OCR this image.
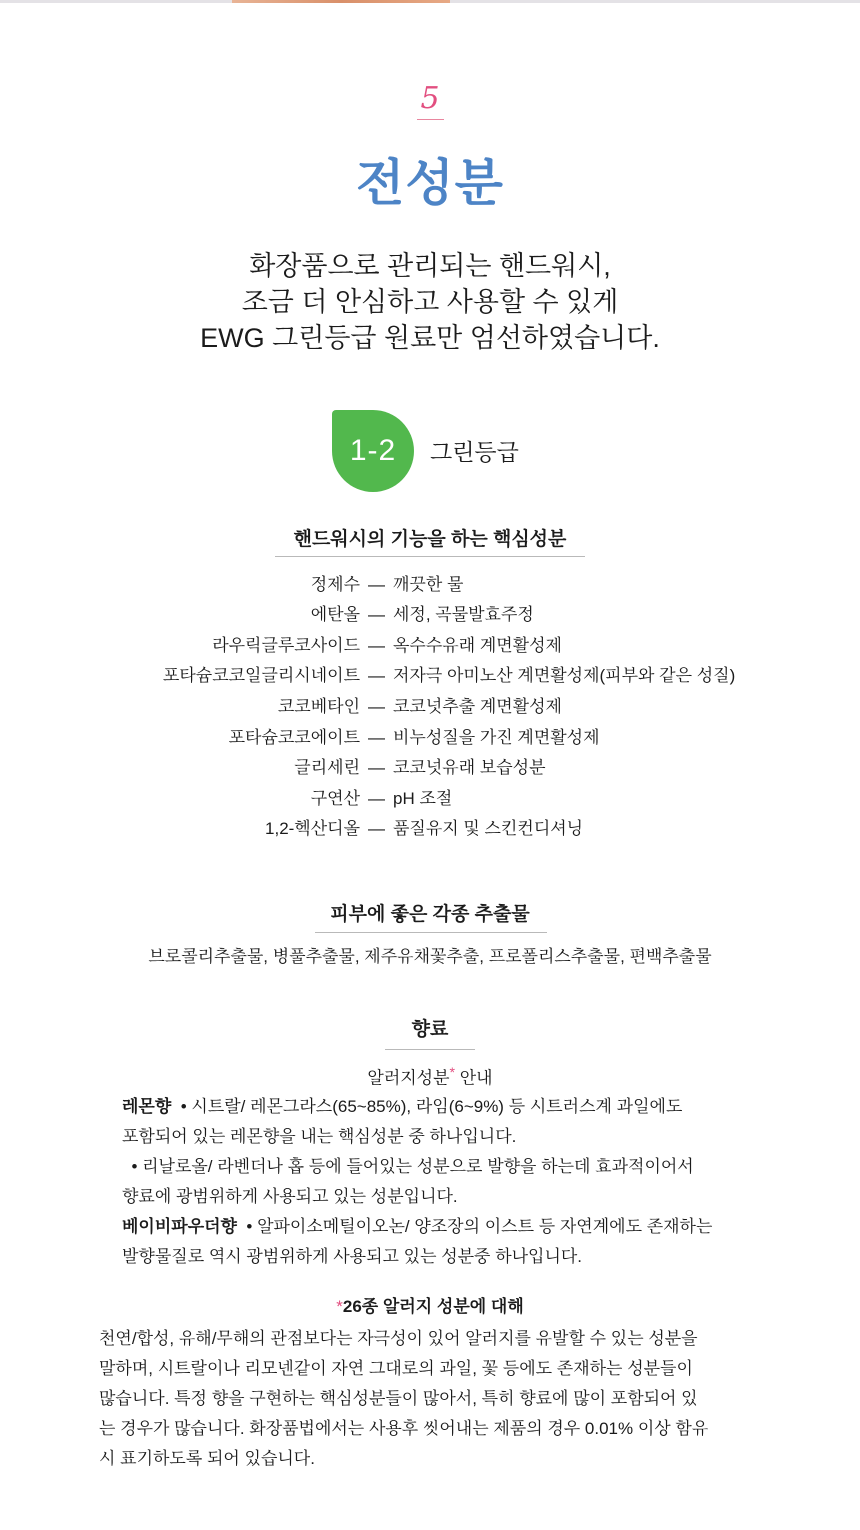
5
전성분
화장품으로 관리되는 핸드워시,
조금 더 안심하고 사용할 수 있게
EWG 그린등급 원료만 엄선하였습니다.
1-2 그린등급
핸드워시의 기능을 하는 핵심성분
정제수 — 깨끗한 물
에탄올 — 세정, 곡물발효주정
라우릭글루코사이드 — 옥수수유래 계면활성제
포타슘코코일글리시네이트 — 저자극 아미노산 계면활성제(피부와 같은 성질)
코코베타인 — 코코넛추출 계면활성제
포타슘코코에이트 — 비누성질을 가진 계면활성제
글리세린 — 코코넛유래 보습성분
구연산 — pH 조절
1,2-헥산디올 — 품질유지 및 스킨컨디셔닝
피부에 좋은 각종 추출물
브로콜리추출물, 병풀추출물, 제주유채꽃추출, 프로폴리스추출물, 편백추출물
향료
알러지성분* 안내
레몬향  • 시트랄/ 레몬그라스(65~85%), 라임(6~9%) 등 시트러스계 과일에도
포함되어 있는 레몬향을 내는 핵심성분 중 하나입니다.
• 리날로올/ 라벤더나 홉 등에 들어있는 성분으로 발향을 하는데 효과적이어서
향료에 광범위하게 사용되고 있는 성분입니다.
베이비파우더향  • 알파이소메틸이오논/ 양조장의 이스트 등 자연계에도 존재하는
발향물질로 역시 광범위하게 사용되고 있는 성분중 하나입니다.
*26종 알러지 성분에 대해
천연/합성, 유해/무해의 관점보다는 자극성이 있어 알러지를 유발할 수 있는 성분을
말하며, 시트랄이나 리모넨같이 자연 그대로의 과일, 꽃 등에도 존재하는 성분들이
많습니다. 특정 향을 구현하는 핵심성분들이 많아서, 특히 향료에 많이 포함되어 있
는 경우가 많습니다. 화장품법에서는 사용후 씻어내는 제품의 경우 0.01% 이상 함유
시 표기하도록 되어 있습니다.
